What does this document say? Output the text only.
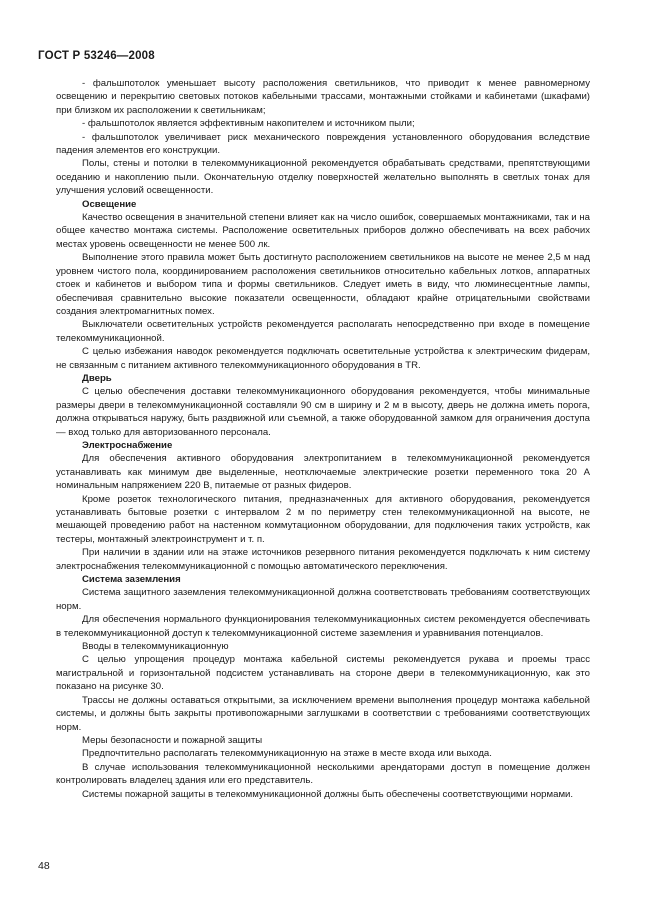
ГОСТ Р 53246—2008

- фальшпотолок уменьшает высоту расположения светильников, что приводит к менее равномерному освещению и перекрытию световых потоков кабельными трассами, монтажными стойками и кабинетами (шкафами) при близком их расположении к светильникам;

- фальшпотолок является эффективным накопителем и источником пыли;

- фальшпотолок увеличивает риск механического повреждения установленного оборудования вследствие падения элементов его конструкции.

Полы, стены и потолки в телекоммуникационной рекомендуется обрабатывать средствами, препятствующими оседанию и накоплению пыли. Окончательную отделку поверхностей желательно выполнять в светлых тонах для улучшения условий освещенности.

Освещение

Качество освещения в значительной степени влияет как на число ошибок, совершаемых монтажниками, так и на общее качество монтажа системы. Расположение осветительных приборов должно обеспечивать на всех рабочих местах уровень освещенности не менее 500 лк.

Выполнение этого правила может быть достигнуто расположением светильников на высоте не менее 2,5 м над уровнем чистого пола, координированием расположения светильников относительно кабельных лотков, аппаратных стоек и кабинетов и выбором типа и формы светильников. Следует иметь в виду, что люминесцентные лампы, обеспечивая сравнительно высокие показатели освещенности, обладают крайне отрицательными свойствами создания электромагнитных помех.

Выключатели осветительных устройств рекомендуется располагать непосредственно при входе в помещение телекоммуникационной.

С целью избежания наводок рекомендуется подключать осветительные устройства к электрическим фидерам, не связанным с питанием активного телекоммуникационного оборудования в TR.

Дверь

С целью обеспечения доставки телекоммуникационного оборудования рекомендуется, чтобы минимальные размеры двери в телекоммуникационной составляли 90 см в ширину и 2 м в высоту, дверь не должна иметь порога, должна открываться наружу, быть раздвижной или съемной, а также оборудованной замком для ограничения доступа — вход только для авторизованного персонала.

Электроснабжение

Для обеспечения активного оборудования электропитанием в телекоммуникационной рекомендуется устанавливать как минимум две выделенные, неотключаемые электрические розетки переменного тока 20 А номинальным напряжением 220 В, питаемые от разных фидеров.

Кроме розеток технологического питания, предназначенных для активного оборудования, рекомендуется устанавливать бытовые розетки с интервалом 2 м по периметру стен телекоммуникационной на высоте, не мешающей проведению работ на настенном коммутационном оборудовании, для подключения таких устройств, как тестеры, монтажный электроинструмент и т. п.

При наличии в здании или на этаже источников резервного питания рекомендуется подключать к ним систему электроснабжения телекоммуникационной с помощью автоматического переключения.

Система заземления

Система защитного заземления телекоммуникационной должна соответствовать требованиям соответствующих норм.

Для обеспечения нормального функционирования телекоммуникационных систем рекомендуется обеспечивать в телекоммуникационной доступ к телекоммуникационной системе заземления и уравнивания потенциалов.

Вводы в телекоммуникационную

С целью упрощения процедур монтажа кабельной системы рекомендуется рукава и проемы трасс магистральной и горизонтальной подсистем устанавливать на стороне двери в телекоммуникационную, как это показано на рисунке 30.

Трассы не должны оставаться открытыми, за исключением времени выполнения процедур монтажа кабельной системы, и должны быть закрыты противопожарными заглушками в соответствии с требованиями соответствующих норм.

Меры безопасности и пожарной защиты

Предпочтительно располагать телекоммуникационную на этаже в месте входа или выхода.

В случае использования телекоммуникационной несколькими арендаторами доступ в помещение должен контролировать владелец здания или его представитель.

Системы пожарной защиты в телекоммуникационной должны быть обеспечены соответствующими нормами.

48
